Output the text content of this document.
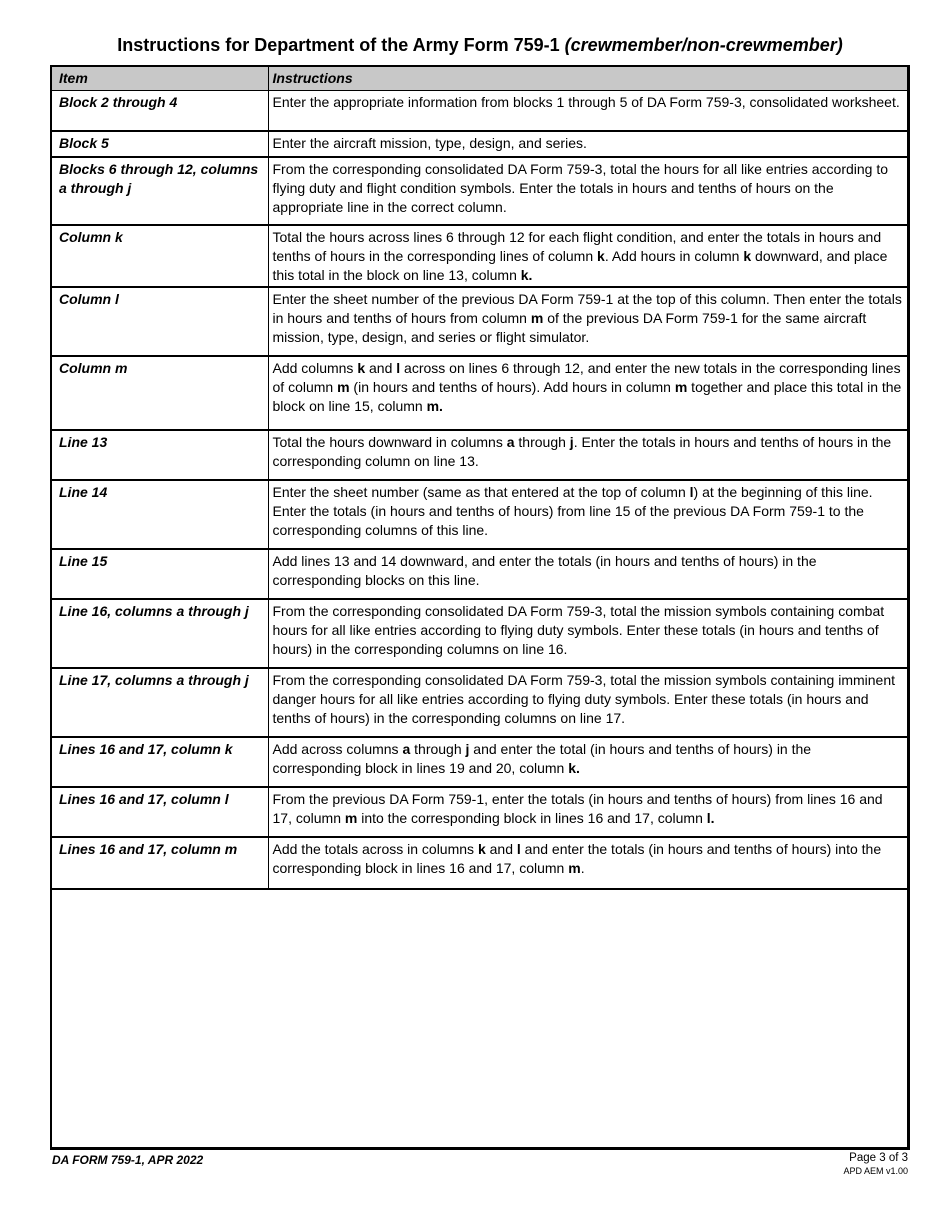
Instructions for Department of the Army Form 759-1 (crewmember/non-crewmember)
Item	Instructions
Block 2 through 4	Enter the appropriate information from blocks 1 through 5 of DA Form 759-3, consolidated worksheet.
Block 5	Enter the aircraft mission, type, design, and series.
Blocks 6 through 12, columns a through j	From the corresponding consolidated DA Form 759-3, total the hours for all like entries according to flying duty and flight condition symbols. Enter the totals in hours and tenths of hours on the appropriate line in the correct column.
Column k	Total the hours across lines 6 through 12 for each flight condition, and enter the totals in hours and tenths of hours in the corresponding lines of column k. Add hours in column k downward, and place this total in the block on line 13, column k.
Column l	Enter the sheet number of the previous DA Form 759-1 at the top of this column. Then enter the totals in hours and tenths of hours from column m of the previous DA Form 759-1 for the same aircraft mission, type, design, and series or flight simulator.
Column m	Add columns k and l across on lines 6 through 12, and enter the new totals in the corresponding lines of column m (in hours and tenths of hours). Add hours in column m together and place this total in the block on line 15, column m.
Line 13	Total the hours downward in columns a through j. Enter the totals in hours and tenths of hours in the corresponding column on line 13.
Line 14	Enter the sheet number (same as that entered at the top of column l) at the beginning of this line. Enter the totals (in hours and tenths of hours) from line 15 of the previous DA Form 759-1 to the corresponding columns of this line.
Line 15	Add lines 13 and 14 downward, and enter the totals (in hours and tenths of hours) in the corresponding blocks on this line.
Line 16, columns a through j	From the corresponding consolidated DA Form 759-3, total the mission symbols containing combat hours for all like entries according to flying duty symbols. Enter these totals (in hours and tenths of hours) in the corresponding columns on line 16.
Line 17, columns a through j	From the corresponding consolidated DA Form 759-3, total the mission symbols containing imminent danger hours for all like entries according to flying duty symbols. Enter these totals (in hours and tenths of hours) in the corresponding columns on line 17.
Lines 16 and 17, column k	Add across columns a through j and enter the total (in hours and tenths of hours) in the corresponding block in lines 19 and 20, column k.
Lines 16 and 17, column l	From the previous DA Form 759-1, enter the totals (in hours and tenths of hours) from lines 16 and 17, column m into the corresponding block in lines 16 and 17, column l.
Lines 16 and 17, column m	Add the totals across in columns k and l and enter the totals (in hours and tenths of hours) into the corresponding block in lines 16 and 17, column m.
DA FORM 759-1, APR 2022	Page 3 of 3
APD AEM v1.00
